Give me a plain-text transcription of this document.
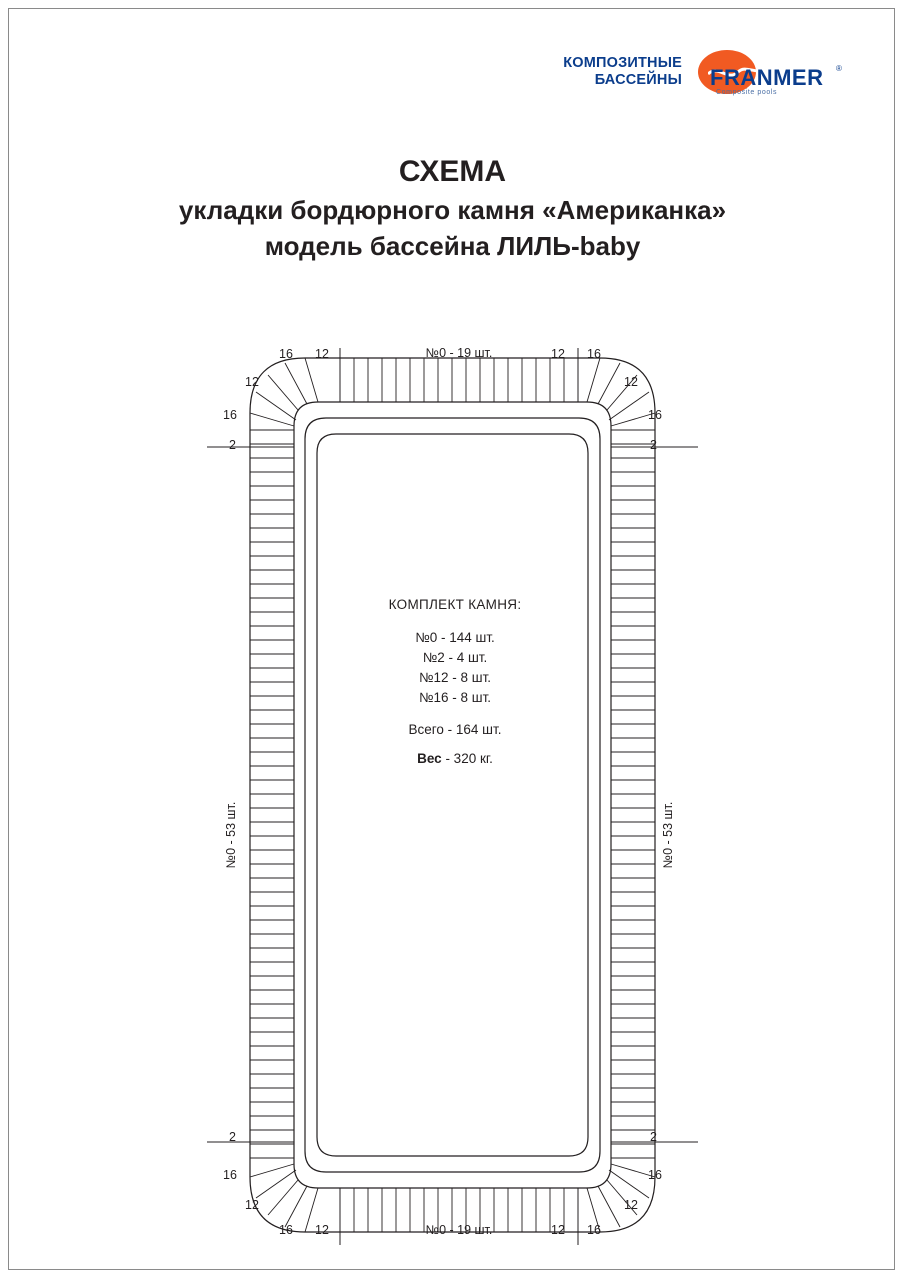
КОМПОЗИТНЫЕ
БАССЕЙНЫ FRANMER	®
Composite pools
СХЕМА
укладки бордюрного камня «Американка»
модель бассейна ЛИЛЬ-baby
№0 - 53 шт.	№0 - 53 шт.
№0 - 19 шт.
№0 - 19 шт.
16 12	12 16
12
16
2
12
16
2
2
16
12
2
16
12
16 12	12 16
КОМПЛЕКТ КАМНЯ:
№0 - 144 шт.
№2 - 4 шт.
№12 - 8 шт.
№16 - 8 шт.
Всего - 164 шт.
Вес - 320 кг.
